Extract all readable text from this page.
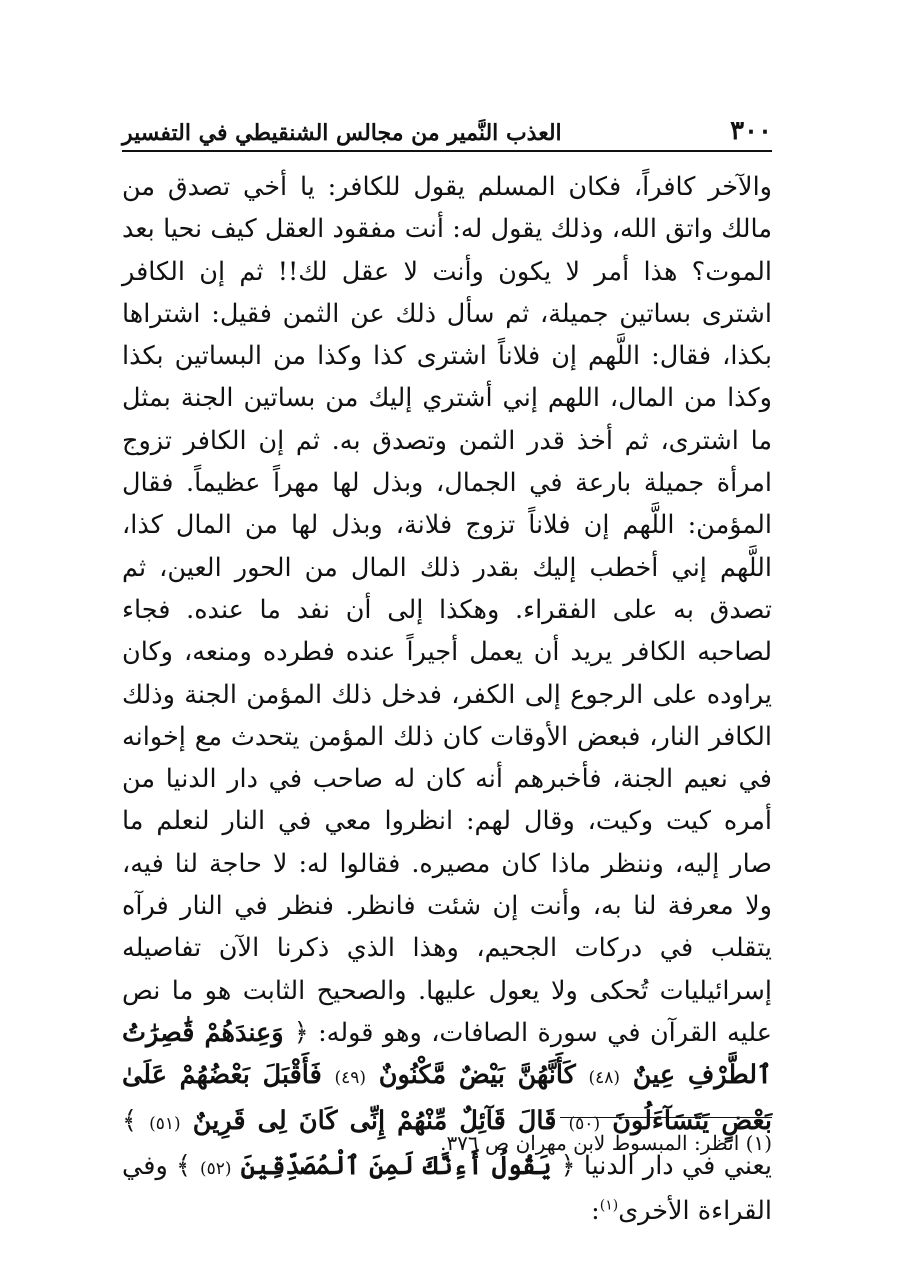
٣٠٠
العذب النَّمير من مجالس الشنقيطي في التفسير

والآخر كافراً، فكان المسلم يقول للكافر: يا أخي تصدق من مالك واتق الله، وذلك يقول له: أنت مفقود العقل كيف نحيا بعد الموت؟ هذا أمر لا يكون وأنت لا عقل لك!! ثم إن الكافر اشترى بساتين جميلة، ثم سأل ذلك عن الثمن فقيل: اشتراها بكذا، فقال: اللَّهم إن فلاناً اشترى كذا وكذا من البساتين بكذا وكذا من المال، اللهم إني أشتري إليك من بساتين الجنة بمثل ما اشترى، ثم أخذ قدر الثمن وتصدق به. ثم إن الكافر تزوج امرأة جميلة بارعة في الجمال، وبذل لها مهراً عظيماً. فقال المؤمن: اللَّهم إن فلاناً تزوج فلانة، وبذل لها من المال كذا، اللَّهم إني أخطب إليك بقدر ذلك المال من الحور العين، ثم تصدق به على الفقراء. وهكذا إلى أن نفد ما عنده. فجاء لصاحبه الكافر يريد أن يعمل أجيراً عنده فطرده ومنعه، وكان يراوده على الرجوع إلى الكفر، فدخل ذلك المؤمن الجنة وذلك الكافر النار، فبعض الأوقات كان ذلك المؤمن يتحدث مع إخوانه في نعيم الجنة، فأخبرهم أنه كان له صاحب في دار الدنيا من أمره كيت وكيت، وقال لهم: انظروا معي في النار لنعلم ما صار إليه، وننظر ماذا كان مصيره. فقالوا له: لا حاجة لنا فيه، ولا معرفة لنا به، وأنت إن شئت فانظر. فنظر في النار فرآه يتقلب في دركات الجحيم، وهذا الذي ذكرنا الآن تفاصيله إسرائيليات تُحكى ولا يعول عليها. والصحيح الثابت هو ما نص عليه القرآن في سورة الصافات، وهو قوله: ﴿ وَعِندَهُمْ قَٰصِرَٰتُ ٱلطَّرْفِ عِينٌ (٤٨) كَأَنَّهُنَّ بَيْضٌ مَّكْنُونٌ (٤٩) فَأَقْبَلَ بَعْضُهُمْ عَلَىٰ بَعْضٍ يَتَسَآءَلُونَ (٥٠) قَالَ قَآئِلٌ مِّنْهُمْ إِنِّى كَانَ لِى قَرِينٌ (٥١) ﴾ يعني في دار الدنيا ﴿ يَقُولُ أَءِنَّكَ لَمِنَ ٱلْمُصَدِّقِينَ (٥٢) ﴾ وفي القراءة الأخرى$^{(١)}$:

(١) انظر: المبسوط لابن مهران ص ٣٧٦.
